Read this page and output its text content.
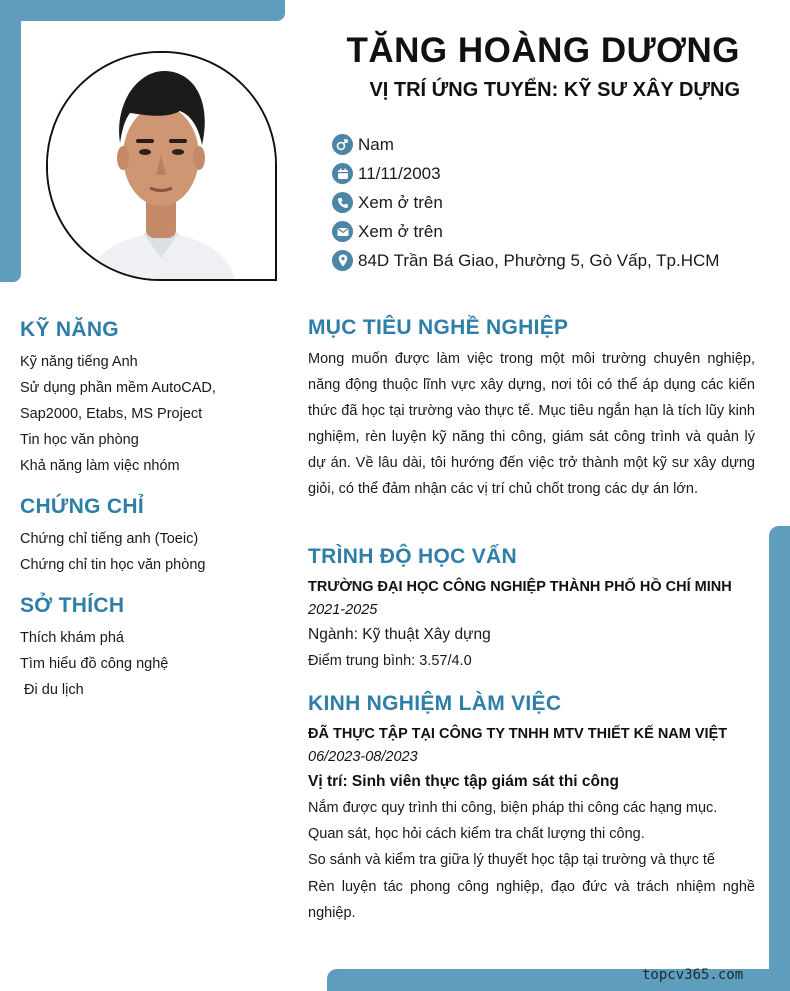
TĂNG HOÀNG DƯƠNG
VỊ TRÍ ỨNG TUYỂN: KỸ SƯ XÂY DỰNG
Nam
11/11/2003
Xem ở trên
Xem ở trên
84D Trần Bá Giao, Phường 5, Gò Vấp, Tp.HCM
KỸ NĂNG
Kỹ năng tiếng Anh
Sử dụng phần mềm AutoCAD,
Sap2000, Etabs, MS Project
Tin học văn phòng
Khả năng làm việc nhóm
CHỨNG CHỈ
Chứng chỉ tiếng anh (Toeic)
Chứng chỉ tin học văn phòng
SỞ THÍCH
Thích khám phá
Tìm hiểu đồ công nghệ
Đi du lịch
MỤC TIÊU NGHỀ NGHIỆP

Mong muốn được làm việc trong một môi trường chuyên nghiệp, năng động thuộc lĩnh vực xây dựng, nơi tôi có thể áp dụng các kiến thức đã học tại trường vào thực tế. Mục tiêu ngắn hạn là tích lũy kinh nghiệm, rèn luyện kỹ năng thi công, giám sát công trình và quản lý dự án. Về lâu dài, tôi hướng đến việc trở thành một kỹ sư xây dựng giỏi, có thể đảm nhận các vị trí chủ chốt trong các dự án lớn.

TRÌNH ĐỘ HỌC VẤN
TRƯỜNG ĐẠI HỌC CÔNG NGHIỆP THÀNH PHỐ HỒ CHÍ MINH
2021-2025
Ngành: Kỹ thuật Xây dựng
Điểm trung bình: 3.57/4.0
KINH NGHIỆM LÀM VIỆC
ĐÃ THỰC TẬP TẠI CÔNG TY TNHH MTV THIẾT KẾ NAM VIỆT
06/2023-08/2023
Vị trí: Sinh viên thực tập giám sát thi công
Nắm được quy trình thi công, biện pháp thi công các hạng mục.
Quan sát, học hỏi cách kiểm tra chất lượng thi công.
So sánh và kiểm tra giữa lý thuyết học tập tại trường và thực tế

Rèn luyện tác phong công nghiệp, đạo đức và trách nhiệm nghề nghiệp.

topcv365.com
